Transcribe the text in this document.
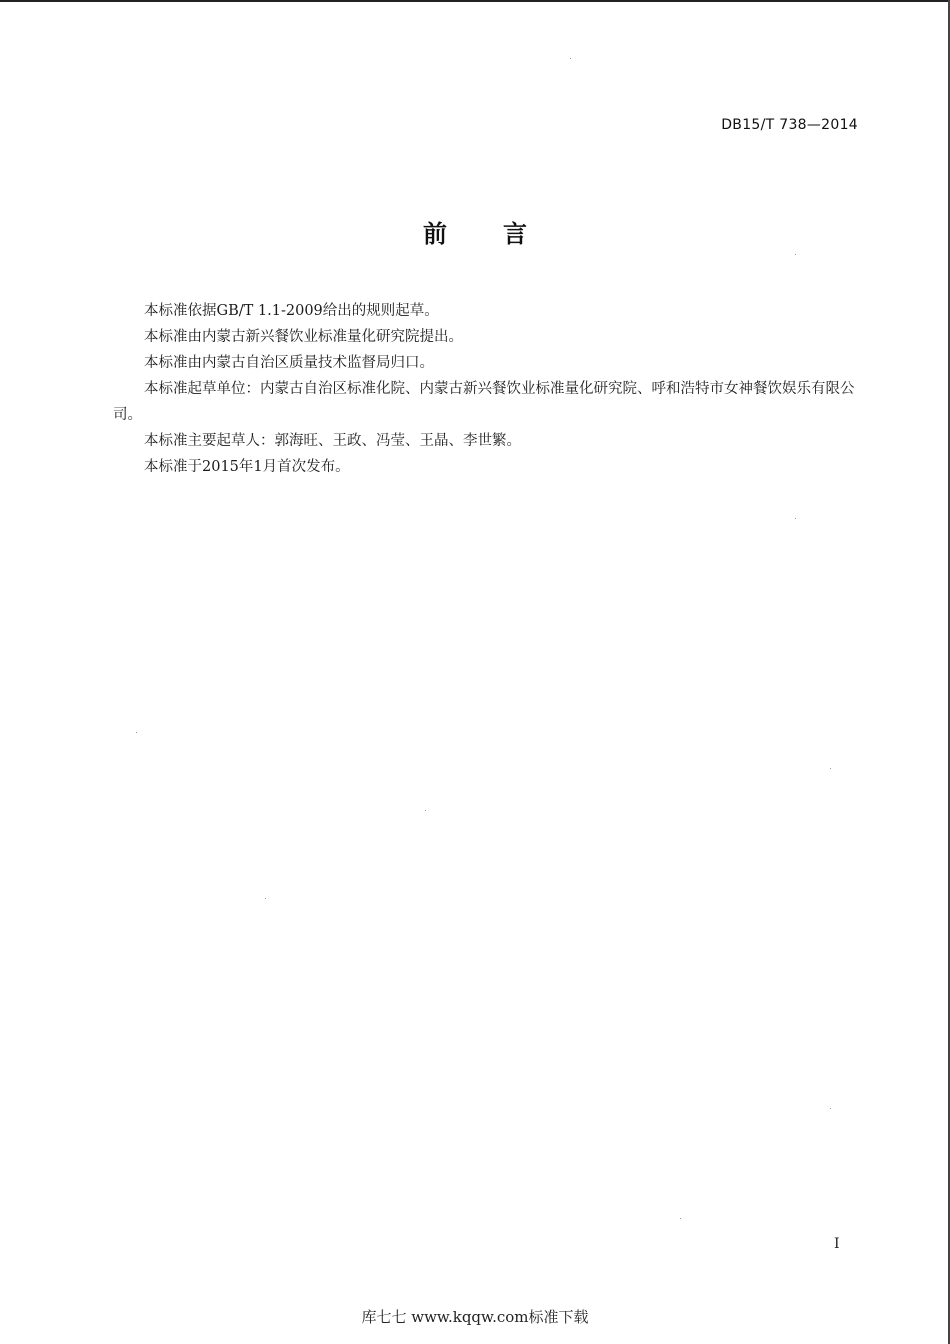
DB15/T 738—2014
前言

本标准依据GB/T 1.1-2009给出的规则起草。

本标准由内蒙古新兴餐饮业标准量化研究院提出。

本标准由内蒙古自治区质量技术监督局归口。

本标准起草单位：内蒙古自治区标准化院、内蒙古新兴餐饮业标准量化研究院、呼和浩特市女神餐饮娱乐有限公司。

本标准主要起草人：郭海旺、王政、冯莹、王晶、李世繁。

本标准于2015年1月首次发布。

I
库七七 www.kqqw.com标准下载
